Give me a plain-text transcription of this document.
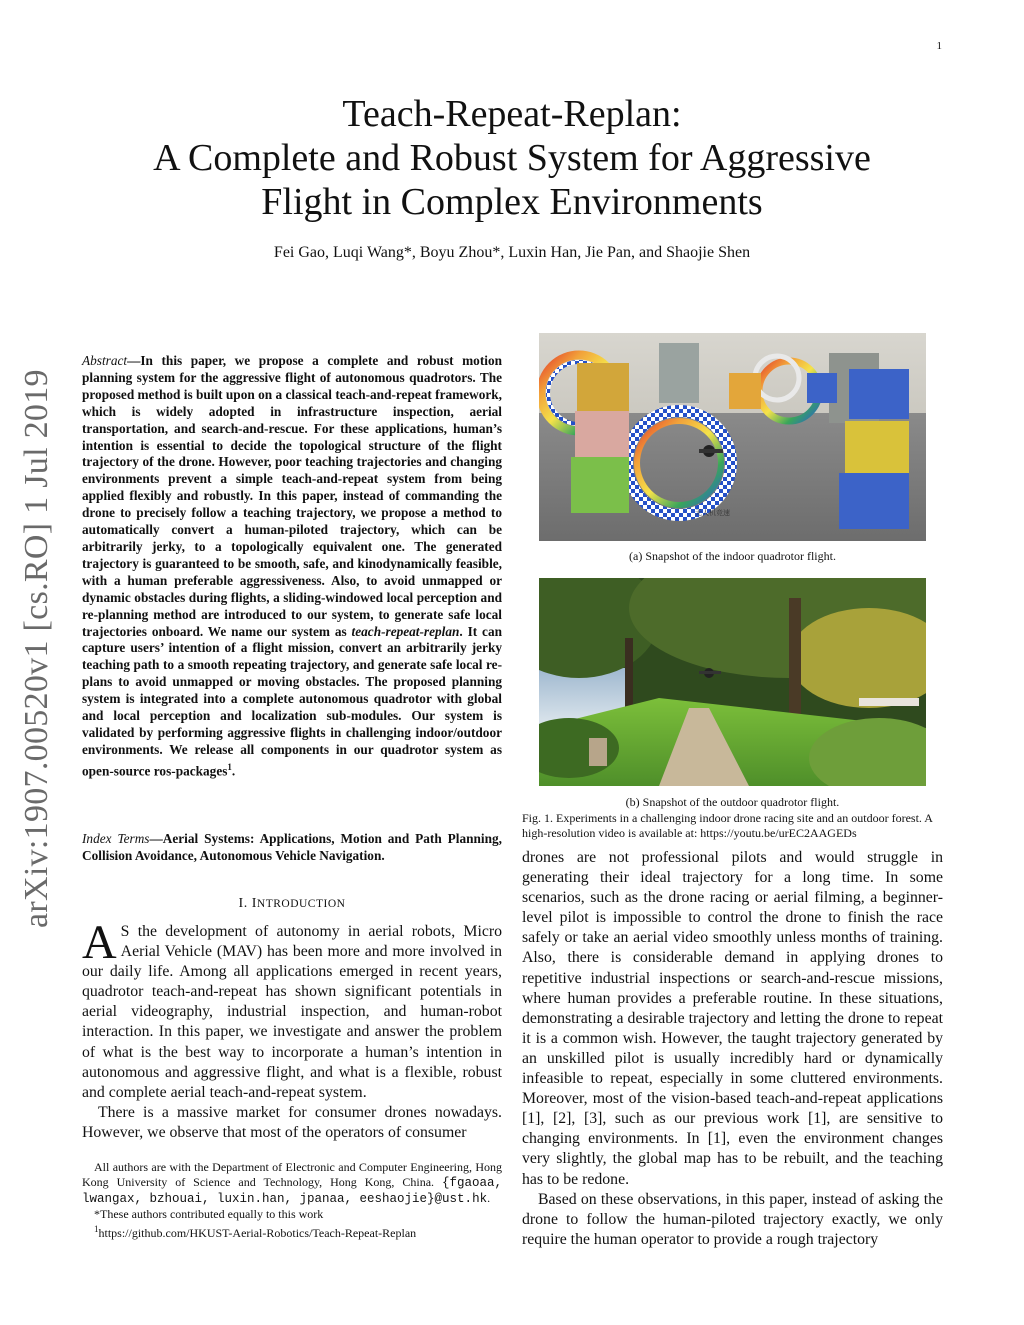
1
Teach-Repeat-Replan:
A Complete and Robust System for Aggressive
Flight in Complex Environments
Fei Gao, Luqi Wang*, Boyu Zhou*, Luxin Han, Jie Pan, and Shaojie Shen
arXiv:1907.00520v1 [cs.RO] 1 Jul 2019
Abstract—In this paper, we propose a complete and robust motion planning system for the aggressive flight of autonomous quadrotors. The proposed method is built upon on a classical teach-and-repeat framework, which is widely adopted in infrastructure inspection, aerial transportation, and search-and-rescue. For these applications, human’s intention is essential to decide the topological structure of the flight trajectory of the drone. However, poor teaching trajectories and changing environments prevent a simple teach-and-repeat system from being applied flexibly and robustly. In this paper, instead of commanding the drone to precisely follow a teaching trajectory, we propose a method to automatically convert a human-piloted trajectory, which can be arbitrarily jerky, to a topologically equivalent one. The generated trajectory is guaranteed to be smooth, safe, and kinodynamically feasible, with a human preferable aggressiveness. Also, to avoid unmapped or dynamic obstacles during flights, a sliding-windowed local perception and re-planning method are introduced to our system, to generate safe local trajectories onboard. We name our system as teach-repeat-replan. It can capture users’ intention of a flight mission, convert an arbitrarily jerky teaching path to a smooth repeating trajectory, and generate safe local re-plans to avoid unmapped or moving obstacles. The proposed planning system is integrated into a complete autonomous quadrotor with global and local perception and localization sub-modules. Our system is validated by performing aggressive flights in challenging indoor/outdoor environments. We release all components in our quadrotor system as open-source ros-packages$^1$.
Index Terms—Aerial Systems: Applications, Motion and Path Planning, Collision Avoidance, Autonomous Vehicle Navigation.
I. INTRODUCTION

A S the development of autonomy in aerial robots, Micro Aerial Vehicle (MAV) has been more and more involved in our daily life. Among all applications emerged in recent years, quadrotor teach-and-repeat has shown significant potentials in aerial videography, industrial inspection, and human-robot interaction. In this paper, we investigate and answer the problem of what is the best way to incorporate a human’s intention in autonomous and aggressive flight, and what is a flexible, robust and complete aerial teach-and-repeat system.

There is a massive market for consumer drones nowadays. However, we observe that most of the operators of consumer

All authors are with the Department of Electronic and Computer Engineering, Hong Kong University of Science and Technology, Hong Kong, China. {fgaoaa, lwangax, bzhouai, luxin.han, jpanaa, eeshaojie}@ust.hk.

*These authors contributed equally to this work

$^1$https://github.com/HKUST-Aerial-Robotics/Teach-Repeat-Replan

无人机竞速
(a) Snapshot of the indoor quadrotor flight.
(b) Snapshot of the outdoor quadrotor flight.
Fig. 1. Experiments in a challenging indoor drone racing site and an outdoor forest. A high-resolution video is available at: https://youtu.be/urEC2AAGEDs

drones are not professional pilots and would struggle in generating their ideal trajectory for a long time. In some scenarios, such as the drone racing or aerial filming, a beginner-level pilot is impossible to control the drone to finish the race safely or take an aerial video smoothly unless months of training. Also, there is considerable demand in applying drones to repetitive industrial inspections or search-and-rescue missions, where human provides a preferable routine. In these situations, demonstrating a desirable trajectory and letting the drone to repeat it is a common wish. However, the taught trajectory generated by an unskilled pilot is usually incredibly hard or dynamically infeasible to repeat, especially in some cluttered environments. Moreover, most of the vision-based teach-and-repeat applications [1], [2], [3], such as our previous work [1], are sensitive to changing environments. In [1], even the environment changes very slightly, the global map has to be rebuilt, and the teaching has to be redone.

Based on these observations, in this paper, instead of asking the drone to follow the human-piloted trajectory exactly, we only require the human operator to provide a rough trajectory
